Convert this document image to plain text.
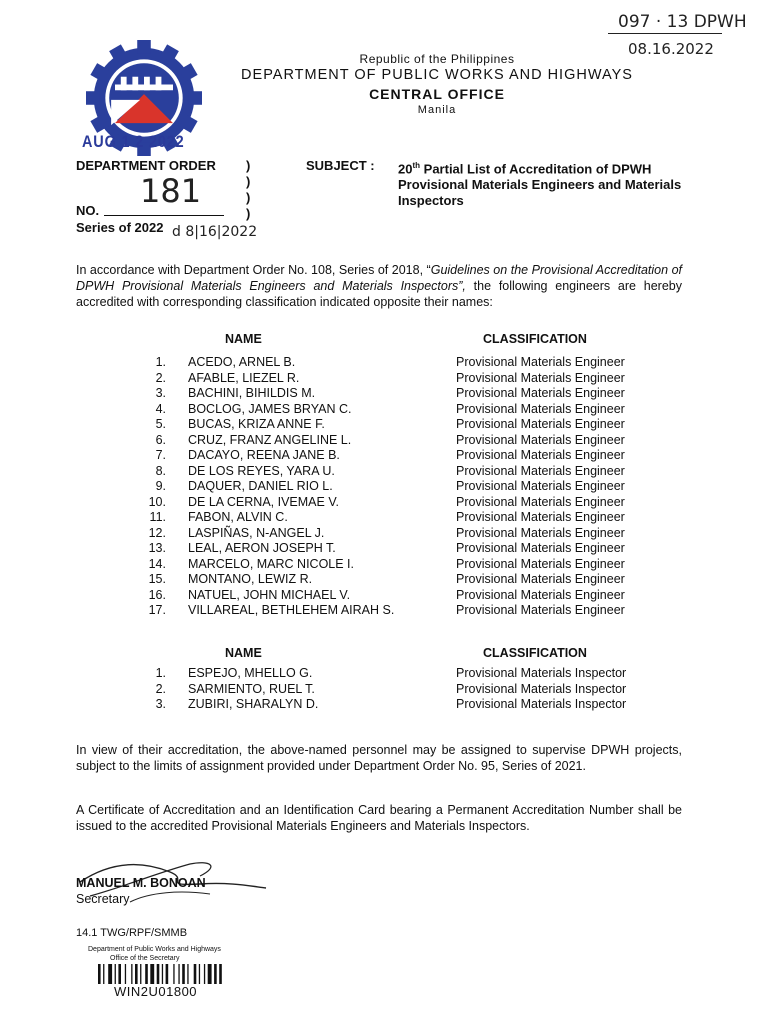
Republic of the Philippines
DEPARTMENT OF PUBLIC WORKS AND HIGHWAYS
CENTRAL OFFICE
Manila
097 · 13 DPWH
08.16.2022
AUG 1 2 2022
DEPARTMENT ORDER
181
NO.
Series of 2022 d 8|16|2022
)
)
)
)
SUBJECT : 20th Partial List of Accreditation of DPWH Provisional Materials Engineers and Materials Inspectors
In accordance with Department Order No. 108, Series of 2018, “Guidelines on the Provisional Accreditation of DPWH Provisional Materials Engineers and Materials Inspectors”, the following engineers are hereby accredited with corresponding classification indicated opposite their names:
NAME	CLASSIFICATION
1. ACEDO, ARNEL B.	Provisional Materials Engineer
2. AFABLE, LIEZEL R.	Provisional Materials Engineer
3. BACHINI, BIHILDIS M.	Provisional Materials Engineer
4. BOCLOG, JAMES BRYAN C.	Provisional Materials Engineer
5. BUCAS, KRIZA ANNE F.	Provisional Materials Engineer
6. CRUZ, FRANZ ANGELINE L.	Provisional Materials Engineer
7. DACAYO, REENA JANE B.	Provisional Materials Engineer
8. DE LOS REYES, YARA U.	Provisional Materials Engineer
9. DAQUER, DANIEL RIO L.	Provisional Materials Engineer
10. DE LA CERNA, IVEMAE V.	Provisional Materials Engineer
11. FABON, ALVIN C.	Provisional Materials Engineer
12. LASPIÑAS, N-ANGEL J.	Provisional Materials Engineer
13. LEAL, AERON JOSEPH T.	Provisional Materials Engineer
14. MARCELO, MARC NICOLE I.	Provisional Materials Engineer
15. MONTANO, LEWIZ R.	Provisional Materials Engineer
16. NATUEL, JOHN MICHAEL V.	Provisional Materials Engineer
17. VILLAREAL, BETHLEHEM AIRAH S.	Provisional Materials Engineer
NAME	CLASSIFICATION
1. ESPEJO, MHELLO G.	Provisional Materials Inspector
2. SARMIENTO, RUEL T.	Provisional Materials Inspector
3. ZUBIRI, SHARALYN D.	Provisional Materials Inspector
In view of their accreditation, the above-named personnel may be assigned to supervise DPWH projects, subject to the limits of assignment provided under Department Order No. 95, Series of 2021.
A Certificate of Accreditation and an Identification Card bearing a Permanent Accreditation Number shall be issued to the accredited Provisional Materials Engineers and Materials Inspectors.
MANUEL M. BONOAN
Secretary
14.1 TWG/RPF/SMMB
Department of Public Works and Highways
Office of the Secretary
WIN2U01800
